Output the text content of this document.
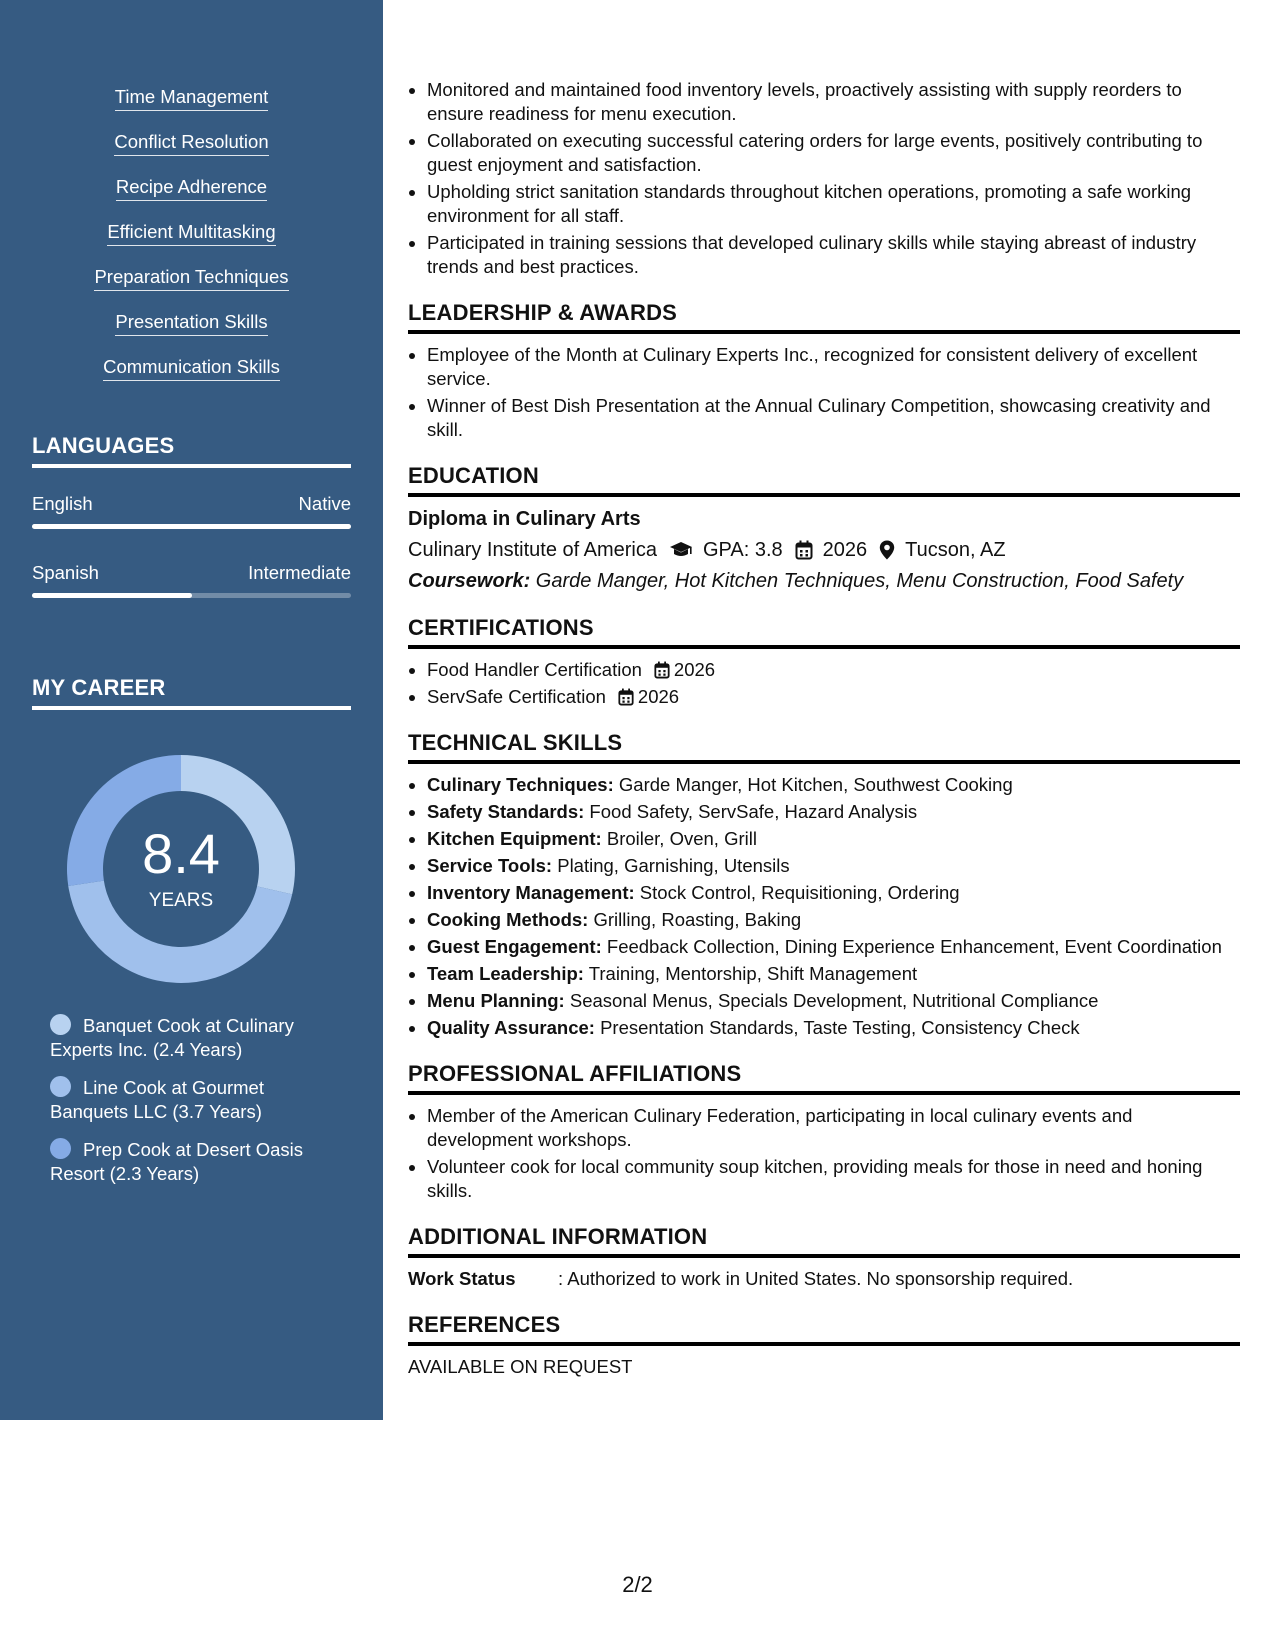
Time Management
Conflict Resolution
Recipe Adherence
Efficient Multitasking
Preparation Techniques
Presentation Skills
Communication Skills
LANGUAGES
English	Native
Spanish	Intermediate
MY CAREER
8.4
YEARS
Banquet Cook at Culinary Experts Inc. (2.4 Years)
Line Cook at Gourmet Banquets LLC (3.7 Years)
Prep Cook at Desert Oasis Resort (2.3 Years)
• Monitored and maintained food inventory levels, proactively assisting with supply reorders to ensure readiness for menu execution.
• Collaborated on executing successful catering orders for large events, positively contributing to guest enjoyment and satisfaction.
• Upholding strict sanitation standards throughout kitchen operations, promoting a safe working environment for all staff.
• Participated in training sessions that developed culinary skills while staying abreast of industry trends and best practices.
LEADERSHIP & AWARDS
• Employee of the Month at Culinary Experts Inc., recognized for consistent delivery of excellent service.
• Winner of Best Dish Presentation at the Annual Culinary Competition, showcasing creativity and skill.
EDUCATION
Diploma in Culinary Arts
Culinary Institute of America GPA: 3.8 2026 Tucson, AZ
Coursework: Garde Manger, Hot Kitchen Techniques, Menu Construction, Food Safety
CERTIFICATIONS
• Food Handler Certification 2026
• ServSafe Certification 2026
TECHNICAL SKILLS
• Culinary Techniques: Garde Manger, Hot Kitchen, Southwest Cooking
• Safety Standards: Food Safety, ServSafe, Hazard Analysis
• Kitchen Equipment: Broiler, Oven, Grill
• Service Tools: Plating, Garnishing, Utensils
• Inventory Management: Stock Control, Requisitioning, Ordering
• Cooking Methods: Grilling, Roasting, Baking
• Guest Engagement: Feedback Collection, Dining Experience Enhancement, Event Coordination
• Team Leadership: Training, Mentorship, Shift Management
• Menu Planning: Seasonal Menus, Specials Development, Nutritional Compliance
• Quality Assurance: Presentation Standards, Taste Testing, Consistency Check
PROFESSIONAL AFFILIATIONS
• Member of the American Culinary Federation, participating in local culinary events and development workshops.
• Volunteer cook for local community soup kitchen, providing meals for those in need and honing skills.
ADDITIONAL INFORMATION
Work Status	: Authorized to work in United States. No sponsorship required.
REFERENCES
AVAILABLE ON REQUEST
2/2
